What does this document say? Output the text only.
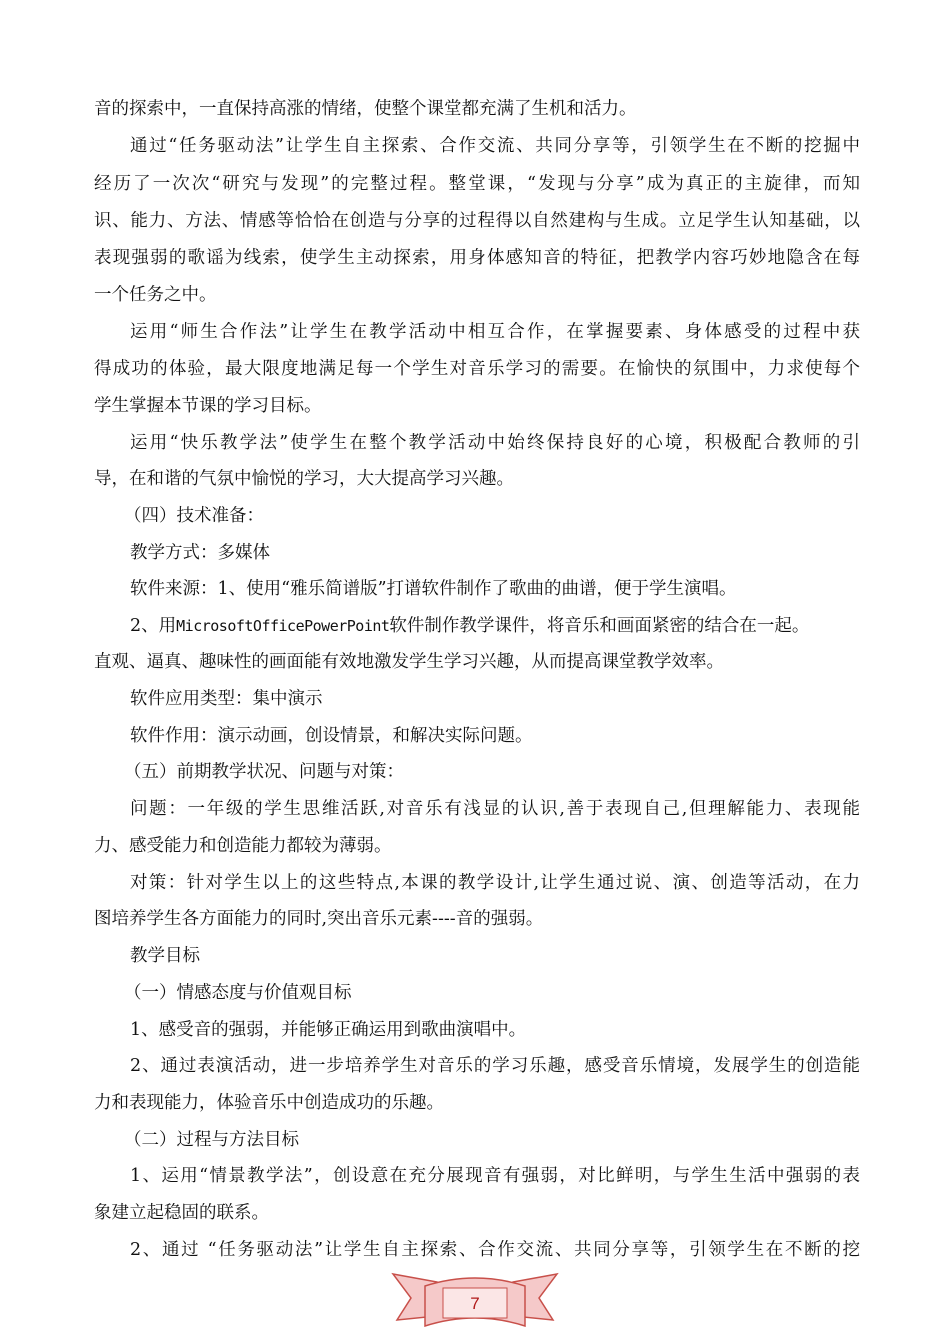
音的探索中，一直保持高涨的情绪，使整个课堂都充满了生机和活力。
通过“任务驱动法”让学生自主探索、合作交流、共同分享等，引领学生在不断的挖掘中
经历了一次次“研究与发现”的完整过程。整堂课，“发现与分享”成为真正的主旋律，而知
识、能力、方法、情感等恰恰在创造与分享的过程得以自然建构与生成。立足学生认知基础，以
表现强弱的歌谣为线索，使学生主动探索，用身体感知音的特征，把教学内容巧妙地隐含在每
一个任务之中。
运用“师生合作法”让学生在教学活动中相互合作，在掌握要素、身体感受的过程中获
得成功的体验，最大限度地满足每一个学生对音乐学习的需要。在愉快的氛围中，力求使每个
学生掌握本节课的学习目标。
运用“快乐教学法”使学生在整个教学活动中始终保持良好的心境，积极配合教师的引
导，在和谐的气氛中愉悦的学习，大大提高学习兴趣。
（四）技术准备：
教学方式：多媒体
软件来源：1、使用“雅乐简谱版”打谱软件制作了歌曲的曲谱，便于学生演唱。
2、用MicrosoftOfficePowerPoint软件制作教学课件，将音乐和画面紧密的结合在一起。
直观、逼真、趣味性的画面能有效地激发学生学习兴趣，从而提高课堂教学效率。
软件应用类型：集中演示
软件作用：演示动画，创设情景，和解决实际问题。
（五）前期教学状况、问题与对策：
问题：一年级的学生思维活跃,对音乐有浅显的认识,善于表现自己,但理解能力、表现能
力、感受能力和创造能力都较为薄弱。
对策：针对学生以上的这些特点,本课的教学设计,让学生通过说、演、创造等活动，在力
图培养学生各方面能力的同时,突出音乐元素----音的强弱。
教学目标
（一）情感态度与价值观目标
1、感受音的强弱，并能够正确运用到歌曲演唱中。
2、通过表演活动，进一步培养学生对音乐的学习乐趣，感受音乐情境，发展学生的创造能
力和表现能力，体验音乐中创造成功的乐趣。
（二）过程与方法目标
1、运用“情景教学法”，创设意在充分展现音有强弱，对比鲜明，与学生生活中强弱的表
象建立起稳固的联系。
2、通过 “任务驱动法”让学生自主探索、合作交流、共同分享等，引领学生在不断的挖
7
